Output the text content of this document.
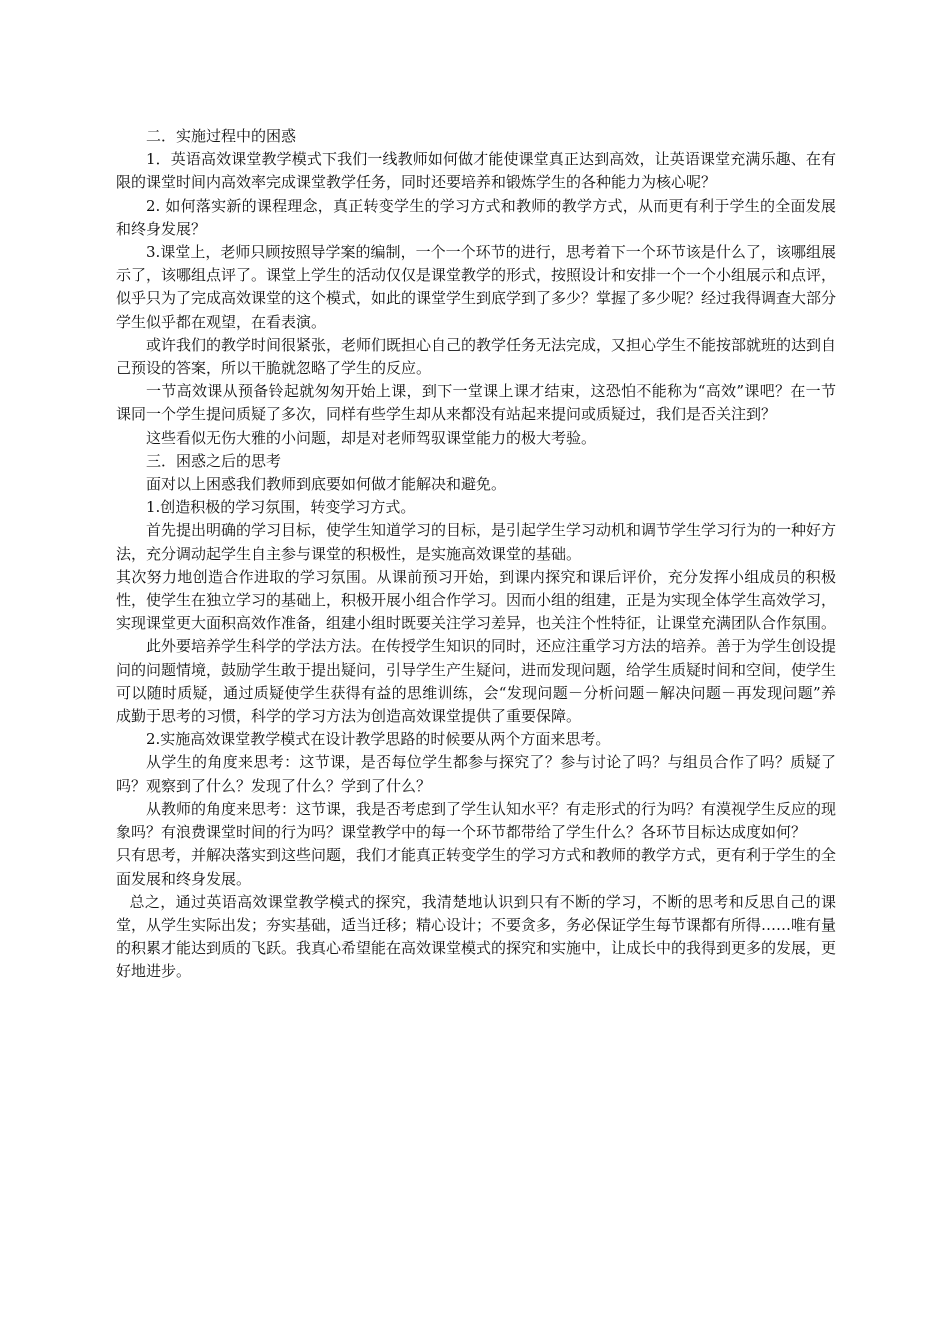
二．实施过程中的困惑

1．英语高效课堂教学模式下我们一线教师如何做才能使课堂真正达到高效，让英语课堂充满乐趣、在有限的课堂时间内高效率完成课堂教学任务，同时还要培养和锻炼学生的各种能力为核心呢？

2. 如何落实新的课程理念，真正转变学生的学习方式和教师的教学方式，从而更有利于学生的全面发展和终身发展？

3.课堂上，老师只顾按照导学案的编制，一个一个环节的进行，思考着下一个环节该是什么了，该哪组展示了，该哪组点评了。课堂上学生的活动仅仅是课堂教学的形式，按照设计和安排一个一个小组展示和点评，似乎只为了完成高效课堂的这个模式，如此的课堂学生到底学到了多少？掌握了多少呢？经过我得调查大部分学生似乎都在观望，在看表演。

或许我们的教学时间很紧张，老师们既担心自己的教学任务无法完成，又担心学生不能按部就班的达到自己预设的答案，所以干脆就忽略了学生的反应。

一节高效课从预备铃起就匆匆开始上课，到下一堂课上课才结束，这恐怕不能称为“高效”课吧？在一节课同一个学生提问质疑了多次，同样有些学生却从来都没有站起来提问或质疑过，我们是否关注到？

这些看似无伤大雅的小问题，却是对老师驾驭课堂能力的极大考验。

三．困惑之后的思考

面对以上困惑我们教师到底要如何做才能解决和避免。

1.创造积极的学习氛围，转变学习方式。

首先提出明确的学习目标，使学生知道学习的目标，是引起学生学习动机和调节学生学习行为的一种好方法，充分调动起学生自主参与课堂的积极性，是实施高效课堂的基础。

其次努力地创造合作进取的学习氛围。从课前预习开始，到课内探究和课后评价，充分发挥小组成员的积极性，使学生在独立学习的基础上，积极开展小组合作学习。因而小组的组建，正是为实现全体学生高效学习，实现课堂更大面积高效作准备，组建小组时既要关注学习差异，也关注个性特征，让课堂充满团队合作氛围。

此外要培养学生科学的学法方法。在传授学生知识的同时，还应注重学习方法的培养。善于为学生创设提问的问题情境，鼓励学生敢于提出疑问，引导学生产生疑问，进而发现问题，给学生质疑时间和空间，使学生可以随时质疑，通过质疑使学生获得有益的思维训练，会“发现问题－分析问题－解决问题－再发现问题”养成勤于思考的习惯，科学的学习方法为创造高效课堂提供了重要保障。

2.实施高效课堂教学模式在设计教学思路的时候要从两个方面来思考。

从学生的角度来思考：这节课，是否每位学生都参与探究了？参与讨论了吗？与组员合作了吗？质疑了吗？观察到了什么？发现了什么？学到了什么？

从教师的角度来思考：这节课，我是否考虑到了学生认知水平？有走形式的行为吗？有漠视学生反应的现象吗？有浪费课堂时间的行为吗？课堂教学中的每一个环节都带给了学生什么？各环节目标达成度如何？

只有思考，并解决落实到这些问题，我们才能真正转变学生的学习方式和教师的教学方式，更有利于学生的全面发展和终身发展。

总之，通过英语高效课堂教学模式的探究，我清楚地认识到只有不断的学习，不断的思考和反思自己的课堂，从学生实际出发；夯实基础，适当迁移；精心设计；不要贪多，务必保证学生每节课都有所得……唯有量的积累才能达到质的飞跃。我真心希望能在高效课堂模式的探究和实施中，让成长中的我得到更多的发展，更好地进步。
